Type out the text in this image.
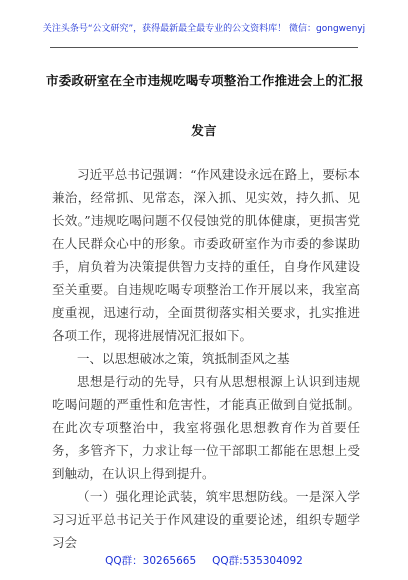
关注头条号“公文研究”，获得最新最全最专业的公文资料库！ 微信：gongwenyj
市委政研室在全市违规吃喝专项整治工作推进会上的汇报
发言

习近平总书记强调：“作风建设永远在路上，要标本兼治，经常抓、见常态，深入抓、见实效，持久抓、见长效。”违规吃喝问题不仅侵蚀党的肌体健康，更损害党在人民群众心中的形象。市委政研室作为市委的参谋助手，肩负着为决策提供智力支持的重任，自身作风建设至关重要。自违规吃喝专项整治工作开展以来，我室高度重视，迅速行动，全面贯彻落实相关要求，扎实推进各项工作，现将进展情况汇报如下。

一、以思想破冰之策，筑抵制歪风之基

思想是行动的先导，只有从思想根源上认识到违规吃喝问题的严重性和危害性，才能真正做到自觉抵制。在此次专项整治中，我室将强化思想教育作为首要任务，多管齐下，力求让每一位干部职工都能在思想上受到触动，在认识上得到提升。

（一）强化理论武装，筑牢思想防线。一是深入学习习近平总书记关于作风建设的重要论述，组织专题学习会

QQ群：30265665 QQ群:535304092
